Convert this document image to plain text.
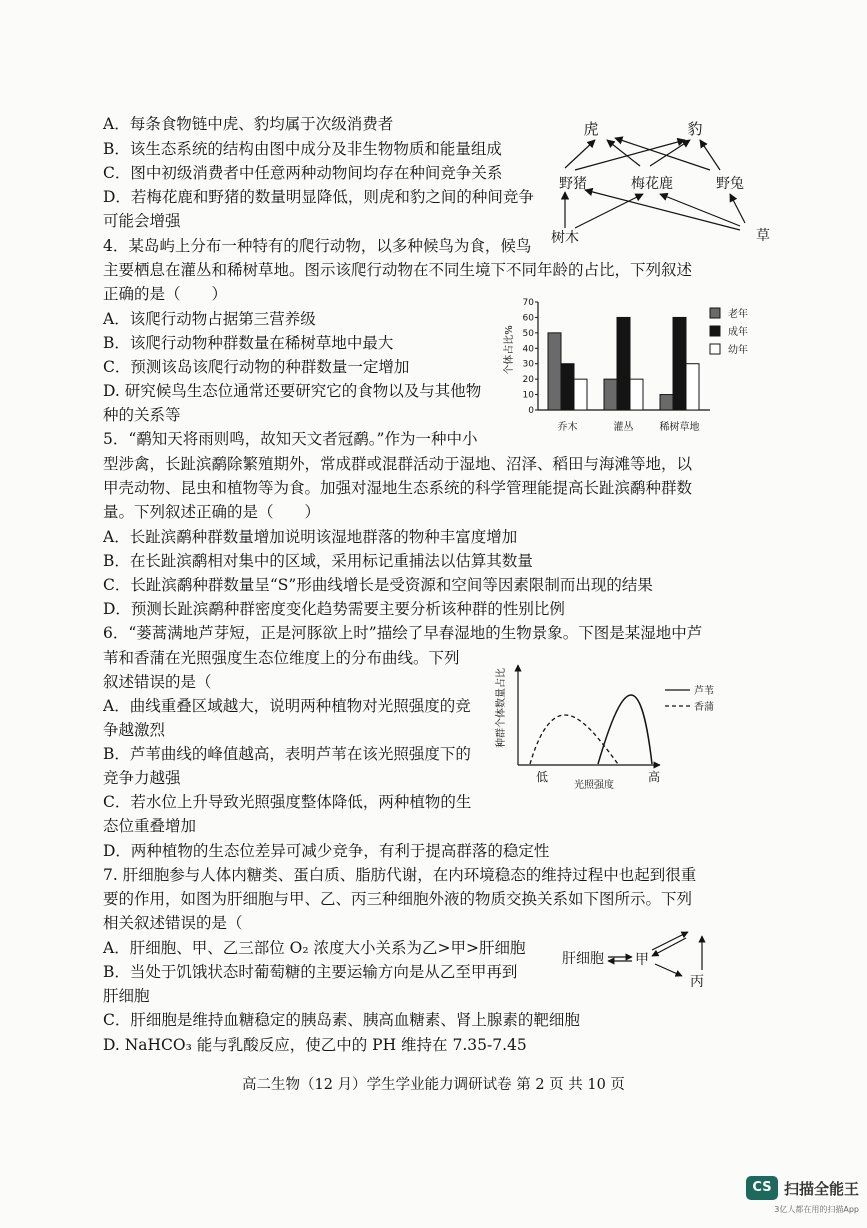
A．每条食物链中虎、豹均属于次级消费者
B．该生态系统的结构由图中成分及非生物物质和能量组成
C．图中初级消费者中任意两种动物间均存在种间竞争关系
D．若梅花鹿和野猪的数量明显降低，则虎和豹之间的种间竞争
可能会增强
4．某岛屿上分布一种特有的爬行动物，以多种候鸟为食，候鸟
主要栖息在灌丛和稀树草地。图示该爬行动物在不同生境下不同年龄的占比，下列叙述
正确的是（　　）
A．该爬行动物占据第三营养级
B．该爬行动物种群数量在稀树草地中最大
C．预测该岛该爬行动物的种群数量一定增加
D. 研究候鸟生态位通常还要研究它的食物以及与其他物
种的关系等
5．“鹬知天将雨则鸣，故知天文者冠鹬。”作为一种中小
型涉禽，长趾滨鹬除繁殖期外，常成群或混群活动于湿地、沼泽、稻田与海滩等地，以
甲壳动物、昆虫和植物等为食。加强对湿地生态系统的科学管理能提高长趾滨鹬种群数
量。下列叙述正确的是（　　）
A．长趾滨鹬种群数量增加说明该湿地群落的物种丰富度增加
B．在长趾滨鹬相对集中的区域，采用标记重捕法以估算其数量
C．长趾滨鹬种群数量呈“S”形曲线增长是受资源和空间等因素限制而出现的结果
D．预测长趾滨鹬种群密度变化趋势需要主要分析该种群的性别比例
6．“蒌蒿满地芦芽短，正是河豚欲上时”描绘了早春湿地的生物景象。下图是某湿地中芦
苇和香蒲在光照强度生态位维度上的分布曲线。下列
叙述错误的是（
A．曲线重叠区域越大，说明两种植物对光照强度的竞
争越激烈
B．芦苇曲线的峰值越高，表明芦苇在该光照强度下的
竞争力越强
C．若水位上升导致光照强度整体降低，两种植物的生
态位重叠增加
D．两种植物的生态位差异可减少竞争，有利于提高群落的稳定性
7. 肝细胞参与人体内糖类、蛋白质、脂肪代谢，在内环境稳态的维持过程中也起到很重
要的作用，如图为肝细胞与甲、乙、丙三种细胞外液的物质交换关系如下图所示。下列
相关叙述错误的是（
A．肝细胞、甲、乙三部位 O₂ 浓度大小关系为乙>甲>肝细胞
B．当处于饥饿状态时葡萄糖的主要运输方向是从乙至甲再到
肝细胞
C．肝细胞是维持血糖稳定的胰岛素、胰高血糖素、肾上腺素的靶细胞
D. NaHCO₃ 能与乳酸反应，使乙中的 PH 维持在 7.35-7.45
虎	豹
野猪	梅花鹿	野兔
树木	草
个体占比%
0
10
20
30
40
50
60
70
乔木	灌丛	稀树草地
老年
成年
幼年
种群个体数量占比
低	高
光照强度
芦苇
香蒲
肝细胞 甲
丙
高二生物（12 月）学生学业能力调研试卷 第 2 页 共 10 页
CS 扫描全能王
3亿人都在用的扫描App
